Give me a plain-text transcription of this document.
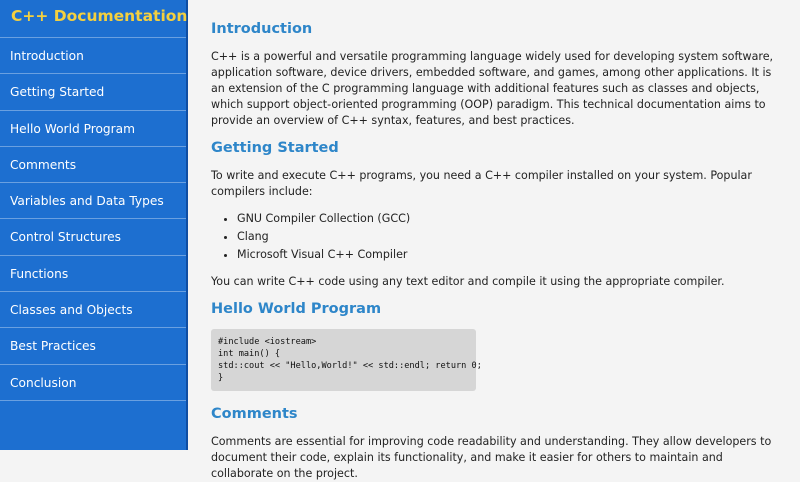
C++ Documentation
Introduction
Getting Started
Hello World Program
Comments
Variables and Data Types
Control Structures
Functions
Classes and Objects
Best Practices
Conclusion
Introduction

C++ is a powerful and versatile programming language widely used for developing system software, application software, device drivers, embedded software, and games, among other applications. It is an extension of the C programming language with additional features such as classes and objects, which support object-oriented programming (OOP) paradigm. This technical documentation aims to provide an overview of C++ syntax, features, and best practices.

Getting Started

To write and execute C++ programs, you need a C++ compiler installed on your system. Popular compilers include:

• GNU Compiler Collection (GCC)
• Clang
• Microsoft Visual C++ Compiler

You can write C++ code using any text editor and compile it using the appropriate compiler.

Hello World Program
#include <iostream>
int main() {
std::cout << "Hello,World!" << std::endl; return 0;
}
Comments

Comments are essential for improving code readability and understanding. They allow developers to document their code, explain its functionality, and make it easier for others to maintain and collaborate on the project.
